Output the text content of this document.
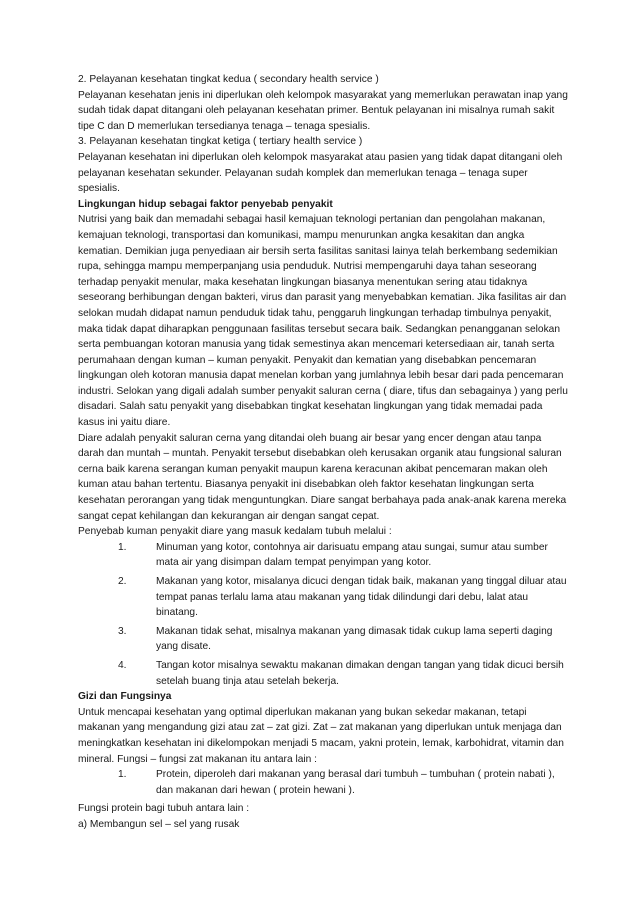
2. Pelayanan kesehatan tingkat kedua ( secondary health service )

Pelayanan kesehatan jenis ini diperlukan oleh kelompok masyarakat yang memerlukan perawatan inap yang sudah tidak dapat ditangani oleh pelayanan kesehatan primer. Bentuk pelayanan ini misalnya rumah sakit tipe C dan D memerlukan tersedianya tenaga – tenaga spesialis.

3. Pelayanan kesehatan tingkat ketiga ( tertiary health service )

Pelayanan kesehatan ini diperlukan oleh kelompok masyarakat atau pasien yang tidak dapat ditangani oleh pelayanan kesehatan sekunder. Pelayanan sudah komplek dan memerlukan tenaga – tenaga super spesialis.

Lingkungan hidup sebagai faktor penyebab penyakit

Nutrisi yang baik dan memadahi sebagai hasil kemajuan teknologi pertanian dan pengolahan makanan, kemajuan teknologi, transportasi dan komunikasi, mampu menurunkan angka kesakitan dan angka kematian. Demikian juga penyediaan air bersih serta fasilitas sanitasi lainya telah berkembang sedemikian rupa, sehingga mampu memperpanjang usia penduduk. Nutrisi mempengaruhi daya tahan seseorang terhadap penyakit menular, maka kesehatan lingkungan biasanya menentukan sering atau tidaknya seseorang berhibungan dengan bakteri, virus dan parasit yang menyebabkan kematian. Jika fasilitas air dan selokan mudah didapat namun penduduk tidak tahu, penggaruh lingkungan terhadap timbulnya penyakit, maka tidak dapat diharapkan penggunaan fasilitas tersebut secara baik. Sedangkan penangganan selokan serta pembuangan kotoran manusia yang tidak semestinya akan mencemari ketersediaan air, tanah serta perumahaan dengan kuman – kuman penyakit. Penyakit dan kematian yang disebabkan pencemaran lingkungan oleh kotoran manusia dapat menelan korban yang jumlahnya lebih besar dari pada pencemaran industri. Selokan yang digali adalah sumber penyakit saluran cerna ( diare, tifus dan sebagainya ) yang perlu disadari. Salah satu penyakit yang disebabkan tingkat kesehatan lingkungan yang tidak memadai pada kasus ini yaitu diare.

Diare adalah penyakit saluran cerna yang ditandai oleh buang air besar yang encer dengan atau tanpa darah dan muntah – muntah. Penyakit tersebut disebabkan oleh kerusakan organik atau fungsional saluran cerna baik karena serangan kuman penyakit maupun karena keracunan akibat pencemaran makan oleh kuman atau bahan tertentu. Biasanya penyakit ini disebabkan oleh faktor kesehatan lingkungan serta kesehatan perorangan yang tidak menguntungkan. Diare sangat berbahaya pada anak-anak karena mereka sangat cepat kehilangan dan kekurangan air dengan sangat cepat.

Penyebab kuman penyakit diare yang masuk kedalam tubuh melalui :

1.	Minuman yang kotor, contohnya air darisuatu empang atau sungai, sumur atau sumber mata air yang disimpan dalam tempat penyimpan yang kotor.
2.	Makanan yang kotor, misalanya dicuci dengan tidak baik, makanan yang tinggal diluar atau tempat panas terlalu lama atau makanan yang tidak dilindungi dari debu, lalat atau binatang.
3.	Makanan tidak sehat, misalnya makanan yang dimasak tidak cukup lama seperti daging yang disate.
4.	Tangan kotor misalnya sewaktu makanan dimakan dengan tangan yang tidak dicuci bersih setelah buang tinja atau setelah bekerja.

Gizi dan Fungsinya

Untuk mencapai kesehatan yang optimal diperlukan makanan yang bukan sekedar makanan, tetapi makanan yang mengandung gizi atau zat – zat gizi. Zat – zat makanan yang diperlukan untuk menjaga dan meningkatkan kesehatan ini dikelompokan menjadi 5 macam, yakni protein, lemak, karbohidrat, vitamin dan mineral. Fungsi – fungsi zat makanan itu antara lain :

1.	Protein, diperoleh dari makanan yang berasal dari tumbuh – tumbuhan ( protein nabati ), dan makanan dari hewan ( protein hewani ).

Fungsi protein bagi tubuh antara lain :

a) Membangun sel – sel yang rusak
